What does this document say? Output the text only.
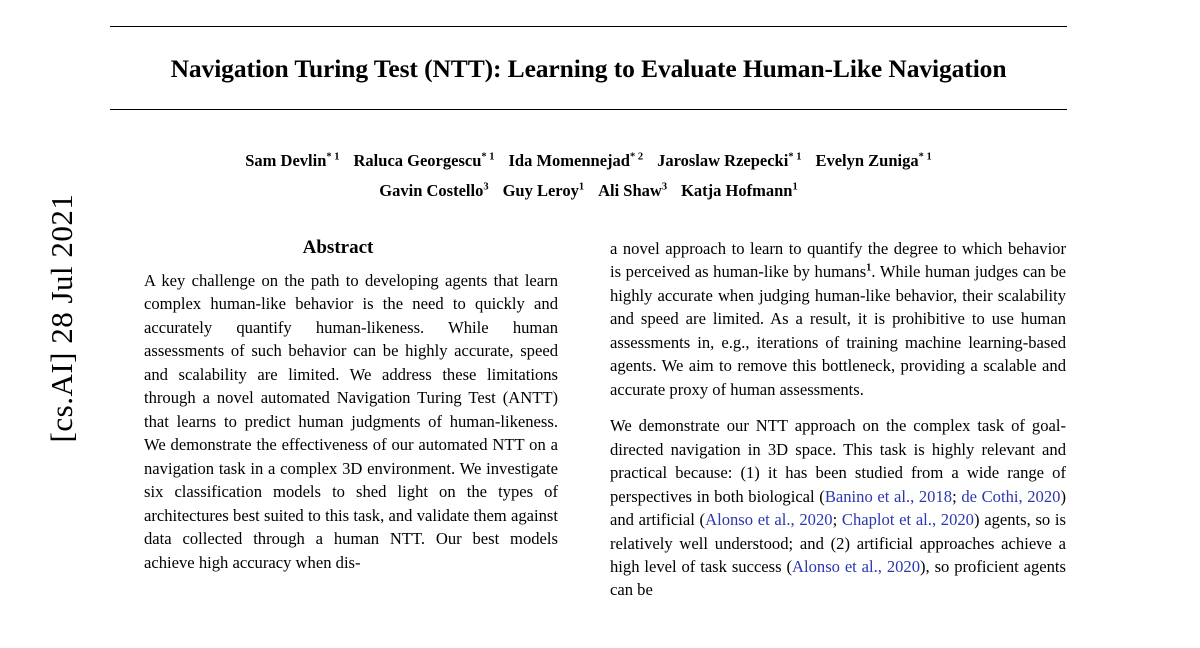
[cs.AI] 28 Jul 2021
Navigation Turing Test (NTT): Learning to Evaluate Human-Like Navigation
Sam Devlin$^{* 1}$ Raluca Georgescu$^{* 1}$ Ida Momennejad$^{* 2}$ Jaroslaw Rzepecki$^{* 1}$ Evelyn Zuniga$^{* 1}$
Gavin Costello$^3$ Guy Leroy$^1$ Ali Shaw$^3$ Katja Hofmann$^1$
Abstract

A key challenge on the path to developing agents that learn complex human-like behavior is the need to quickly and accurately quantify human-likeness. While human assessments of such behavior can be highly accurate, speed and scalability are limited. We address these limitations through a novel automated Navigation Turing Test (ANTT) that learns to predict human judgments of human-likeness. We demonstrate the effectiveness of our automated NTT on a navigation task in a complex 3D environment. We investigate six classification models to shed light on the types of architectures best suited to this task, and validate them against data collected through a human NTT. Our best models achieve high accuracy when dis-

a novel approach to learn to quantify the degree to which behavior is perceived as human-like by humans$^1$. While human judges can be highly accurate when judging human-like behavior, their scalability and speed are limited. As a result, it is prohibitive to use human assessments in, e.g., iterations of training machine learning-based agents. We aim to remove this bottleneck, providing a scalable and accurate proxy of human assessments.

We demonstrate our NTT approach on the complex task of goal-directed navigation in 3D space. This task is highly relevant and practical because: (1) it has been studied from a wide range of perspectives in both biological (Banino et al., 2018; de Cothi, 2020) and artificial (Alonso et al., 2020; Chaplot et al., 2020) agents, so is relatively well understood; and (2) artificial approaches achieve a high level of task success (Alonso et al., 2020), so proficient agents can be
